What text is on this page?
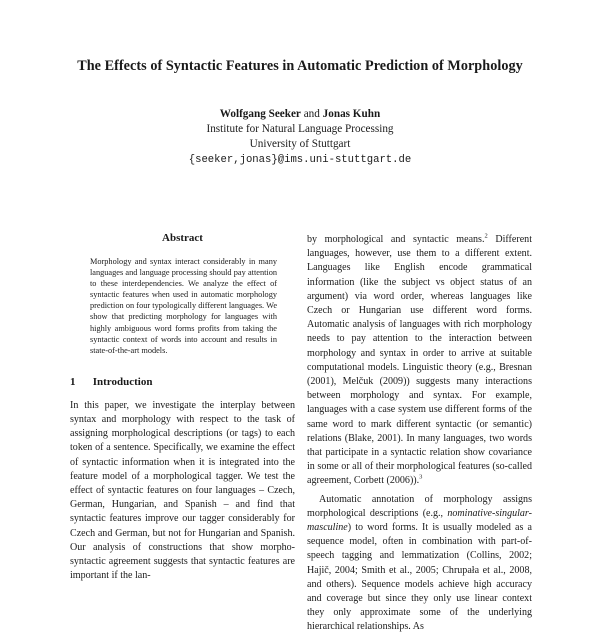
The Effects of Syntactic Features in Automatic Prediction of Morphology
Wolfgang Seeker and Jonas Kuhn
Institute for Natural Language Processing
University of Stuttgart
{seeker,jonas}@ims.uni-stuttgart.de
Abstract
Morphology and syntax interact considerably in many languages and language processing should pay attention to these interdependencies. We analyze the effect of syntactic features when used in automatic morphology prediction on four typologically different languages. We show that predicting morphology for languages with highly ambiguous word forms profits from taking the syntactic context of words into account and results in state-of-the-art models.
1 Introduction

In this paper, we investigate the interplay between syntax and morphology with respect to the task of assigning morphological descriptions (or tags) to each token of a sentence. Specifically, we examine the effect of syntactic information when it is integrated into the feature model of a morphological tagger. We test the effect of syntactic features on four languages – Czech, German, Hungarian, and Spanish – and find that syntactic features improve our tagger considerably for Czech and German, but not for Hungarian and Spanish. Our analysis of constructions that show morpho-syntactic agreement suggests that syntactic features are important if the lan-

by morphological and syntactic means.$^2$ Different languages, however, use them to a different extent. Languages like English encode grammatical information (like the subject vs object status of an argument) via word order, whereas languages like Czech or Hungarian use different word forms. Automatic analysis of languages with rich morphology needs to pay attention to the interaction between morphology and syntax in order to arrive at suitable computational models. Linguistic theory (e.g., Bresnan (2001), Melčuk (2009)) suggests many interactions between morphology and syntax. For example, languages with a case system use different forms of the same word to mark different syntactic (or semantic) relations (Blake, 2001). In many languages, two words that participate in a syntactic relation show covariance in some or all of their morphological features (so-called agreement, Corbett (2006)).$^3$

Automatic annotation of morphology assigns morphological descriptions (e.g., nominative-singular-masculine) to word forms. It is usually modeled as a sequence model, often in combination with part-of-speech tagging and lemmatization (Collins, 2002; Hajič, 2004; Smith et al., 2005; Chrupała et al., 2008, and others). Sequence models achieve high accuracy and coverage but since they only use linear context they only approximate some of the underlying hierarchical relationships. As
